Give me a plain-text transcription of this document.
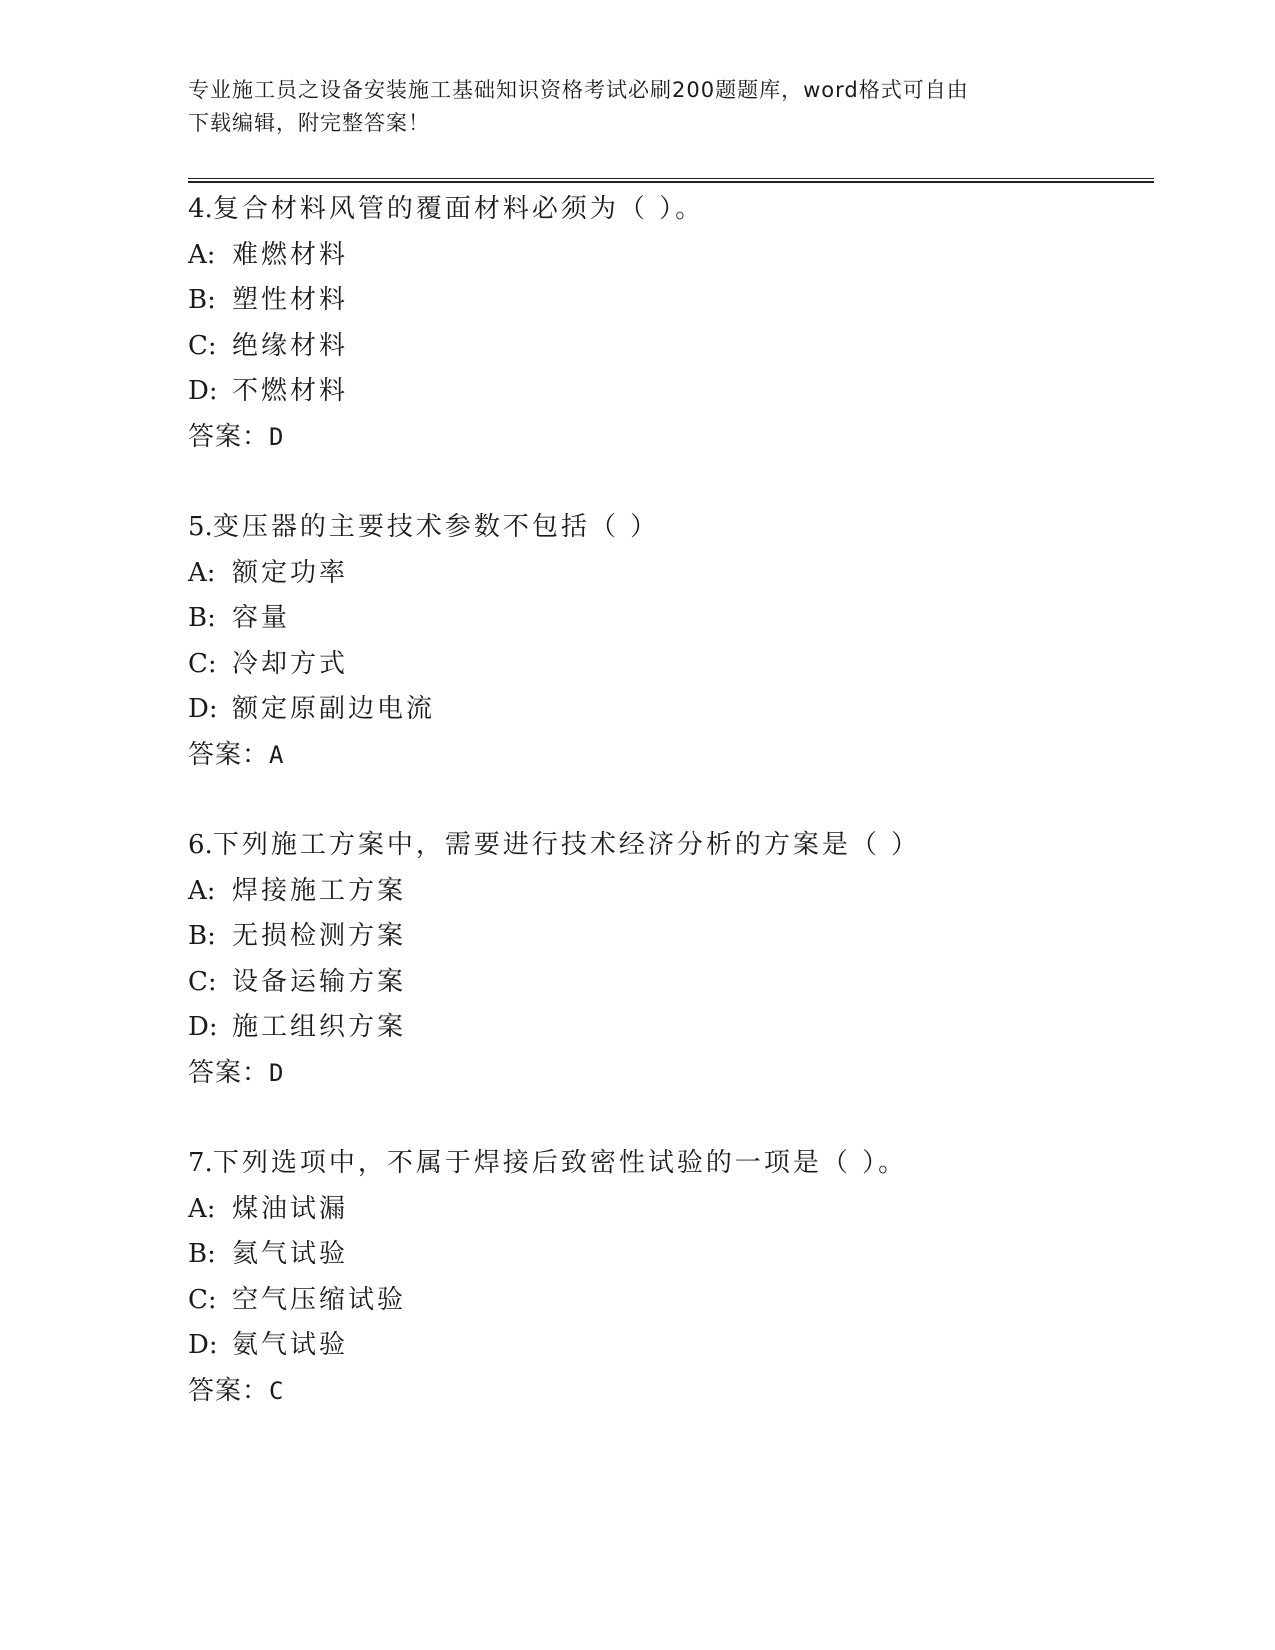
专业施工员之设备安装施工基础知识资格考试必刷200题题库，word格式可自由
下载编辑，附完整答案！
4.复合材料风管的覆面材料必须为（ ）。
A: 难燃材料
B: 塑性材料
C: 绝缘材料
D: 不燃材料
答案：D
5.变压器的主要技术参数不包括（ ）
A: 额定功率
B: 容量
C: 冷却方式
D: 额定原副边电流
答案：A
6.下列施工方案中，需要进行技术经济分析的方案是（ ）
A: 焊接施工方案
B: 无损检测方案
C: 设备运输方案
D: 施工组织方案
答案：D
7.下列选项中，不属于焊接后致密性试验的一项是（ ）。
A: 煤油试漏
B: 氦气试验
C: 空气压缩试验
D: 氨气试验
答案：C
